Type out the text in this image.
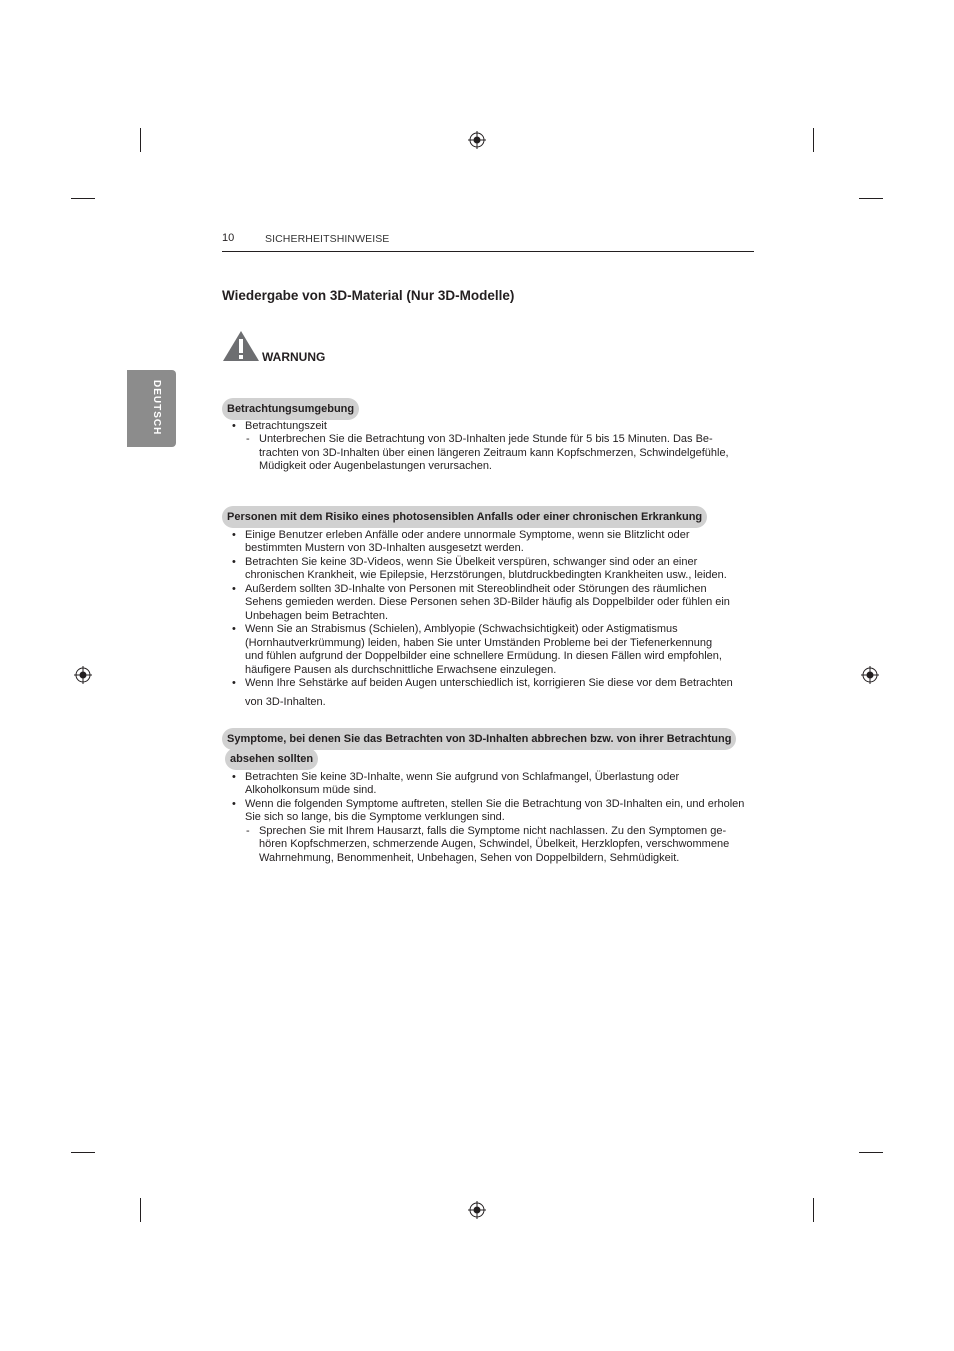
10	SICHERHEITSHINWEISE
DEUTSCH
Wiedergabe von 3D-Material (Nur 3D-Modelle)
WARNUNG
Betrachtungsumgebung
• Betrachtungszeit
- Unterbrechen Sie die Betrachtung von 3D-Inhalten jede Stunde für 5 bis 15 Minuten. Das Be-
trachten von 3D-Inhalten über einen längeren Zeitraum kann Kopfschmerzen, Schwindelgefühle,
Müdigkeit oder Augenbelastungen verursachen.
Personen mit dem Risiko eines photosensiblen Anfalls oder einer chronischen Erkrankung
• Einige Benutzer erleben Anfälle oder andere unnormale Symptome, wenn sie Blitzlicht oder
bestimmten Mustern von 3D-Inhalten ausgesetzt werden.
• Betrachten Sie keine 3D-Videos, wenn Sie Übelkeit verspüren, schwanger sind oder an einer
chronischen Krankheit, wie Epilepsie, Herzstörungen, blutdruckbedingten Krankheiten usw., leiden.
• Außerdem sollten 3D-Inhalte von Personen mit Stereoblindheit oder Störungen des räumlichen
Sehens gemieden werden. Diese Personen sehen 3D-Bilder häufig als Doppelbilder oder fühlen ein
Unbehagen beim Betrachten.
• Wenn Sie an Strabismus (Schielen), Amblyopie (Schwachsichtigkeit) oder Astigmatismus
(Hornhautverkrümmung) leiden, haben Sie unter Umständen Probleme bei der Tiefenerkennung
und fühlen aufgrund der Doppelbilder eine schnellere Ermüdung. In diesen Fällen wird empfohlen,
häufigere Pausen als durchschnittliche Erwachsene einzulegen.
• Wenn Ihre Sehstärke auf beiden Augen unterschiedlich ist, korrigieren Sie diese vor dem Betrachten
von 3D-Inhalten.
Symptome, bei denen Sie das Betrachten von 3D-Inhalten abbrechen bzw. von ihrer Betrachtung
absehen sollten
• Betrachten Sie keine 3D-Inhalte, wenn Sie aufgrund von Schlafmangel, Überlastung oder
Alkoholkonsum müde sind.
• Wenn die folgenden Symptome auftreten, stellen Sie die Betrachtung von 3D-Inhalten ein, und erholen
Sie sich so lange, bis die Symptome verklungen sind.
- Sprechen Sie mit Ihrem Hausarzt, falls die Symptome nicht nachlassen. Zu den Symptomen ge-
hören Kopfschmerzen, schmerzende Augen, Schwindel, Übelkeit, Herzklopfen, verschwommene
Wahrnehmung, Benommenheit, Unbehagen, Sehen von Doppelbildern, Sehmüdigkeit.
